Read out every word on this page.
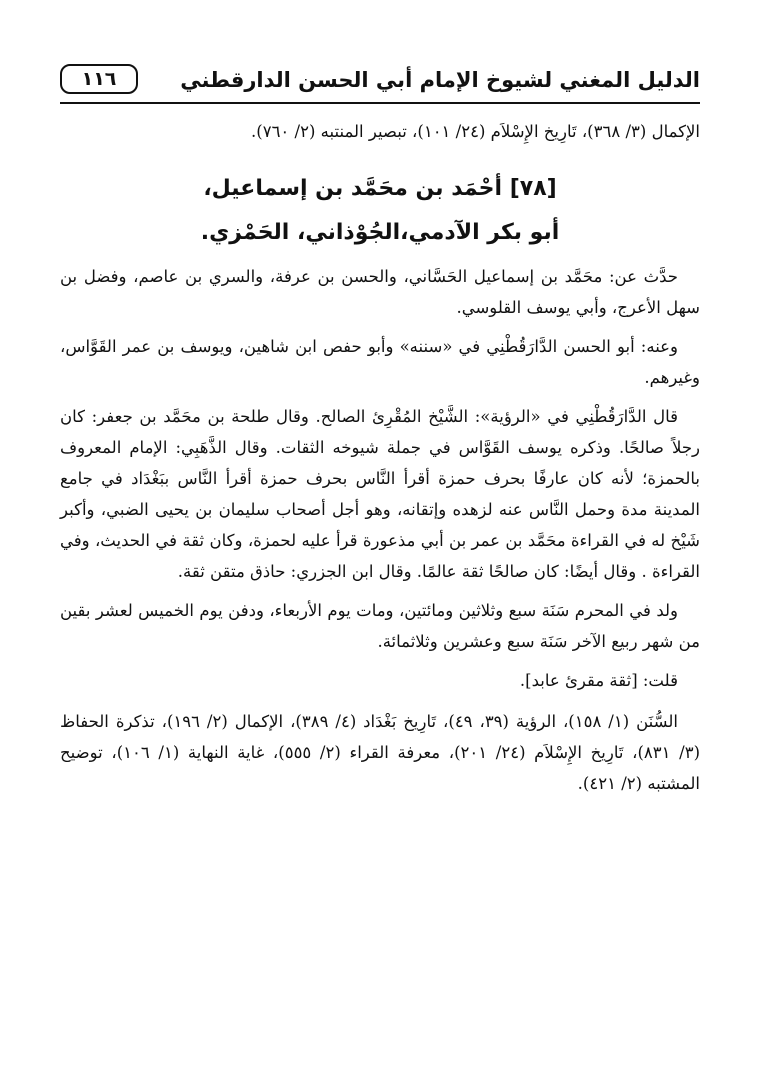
الدليل المغني لشيوخ الإمام أبي الحسن الدارقطني
١١٦

الإكمال (٣/ ٣٦٨)، تَارِيخ الإِسْلاَم (٢٤/ ١٠١)، تبصير المنتبه (٢/ ٧٦٠).

[٧٨] أحْمَد بن محَمَّد بن إسماعيل،
أبو بكر الآدمي،الجُوْذاني، الحَمْزي.

حدَّث عن: محَمَّد بن إسماعيل الحَسَّاني، والحسن بن عرفة، والسري بن عاصم، وفضل بن سهل الأعرج، وأبي يوسف القلوسي.

وعنه: أبو الحسن الدَّارَقُطْنِي في «سننه» وأبو حفص ابن شاهين، ويوسف بن عمر القَوَّاس، وغيرهم.

قال الدَّارَقُطْنِي في «الرؤية»: الشَّيْخ المُقْرِئ الصالح. وقال طلحة بن محَمَّد بن جعفر: كان رجلاً صالحًا. وذكره يوسف القَوَّاس في جملة شيوخه الثقات. وقال الذَّهَبِي: الإمام المعروف بالحمزة؛ لأنه كان عارفًا بحرف حمزة أقرأ النَّاس بحرف حمزة أقرأ النَّاس ببَغْدَاد في جامع المدينة مدة وحمل النَّاس عنه لزهده وإتقانه، وهو أجل أصحاب سليمان بن يحيى الضبي، وأكبر شَيْخ له في القراءة محَمَّد بن عمر بن أبي مذعورة قرأ عليه لحمزة، وكان ثقة في الحديث، وفي القراءة . وقال أيضًا: كان صالحًا ثقة عالمًا. وقال ابن الجزري: حاذق متقن ثقة.

ولد في المحرم سَنَة سبع وثلاثين ومائتين، ومات يوم الأربعاء، ودفن يوم الخميس لعشر بقين من شهر ربيع الآخر سَنَة سبع وعشرين وثلاثمائة.

قلت: [ثقة مقرئ عابد].

السُّنَن (١/ ١٥٨)، الرؤية (٣٩، ٤٩)، تَارِيخ بَغْدَاد (٤/ ٣٨٩)، الإكمال (٢/ ١٩٦)، تذكرة الحفاظ (٣/ ٨٣١)، تَارِيخ الإِسْلاَم (٢٤/ ٢٠١)، معرفة القراء (٢/ ٥٥٥)، غاية النهاية (١/ ١٠٦)، توضيح المشتبه (٢/ ٤٢١).
